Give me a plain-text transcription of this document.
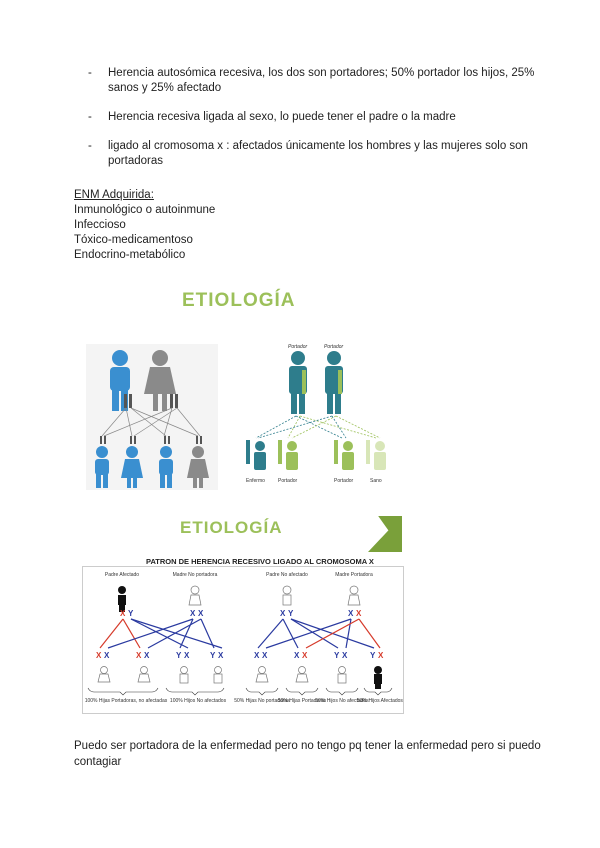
- Herencia autosómica recesiva, los dos son portadores; 50% portador los hijos, 25% sanos y 25% afectado
- Herencia recesiva ligada al sexo, lo puede tener el padre o la madre
- ligado al cromosoma x : afectados únicamente los hombres y las mujeres solo son portadoras
ENM Adquirida:
Inmunológico o autoinmune
Infeccioso
Tóxico-medicamentoso
Endocrino-metabólico
ETIOLOGÍA
Portador	Portador
Enfermo	Portador	Portador	Sano
ETIOLOGÍA
PATRON DE HERENCIA RECESIVO LIGADO AL CROMOSOMA X
Padre Afectado	Madre No portadora
X Y	X X
X X	X X	Y X	Y X
100% Hijas Portadoras, no afectadas 100% Hijos No afectados
Padre No afectado	Madre Portadora
X Y	X X
X X	X X	Y X	Y X
50% Hijas No portadoras
50% Hijas Portadoras
50% Hijos No afectados
50% Hijos Afectados
Puedo ser portadora de la enfermedad pero no tengo pq tener la enfermedad pero si puedo contagiar
